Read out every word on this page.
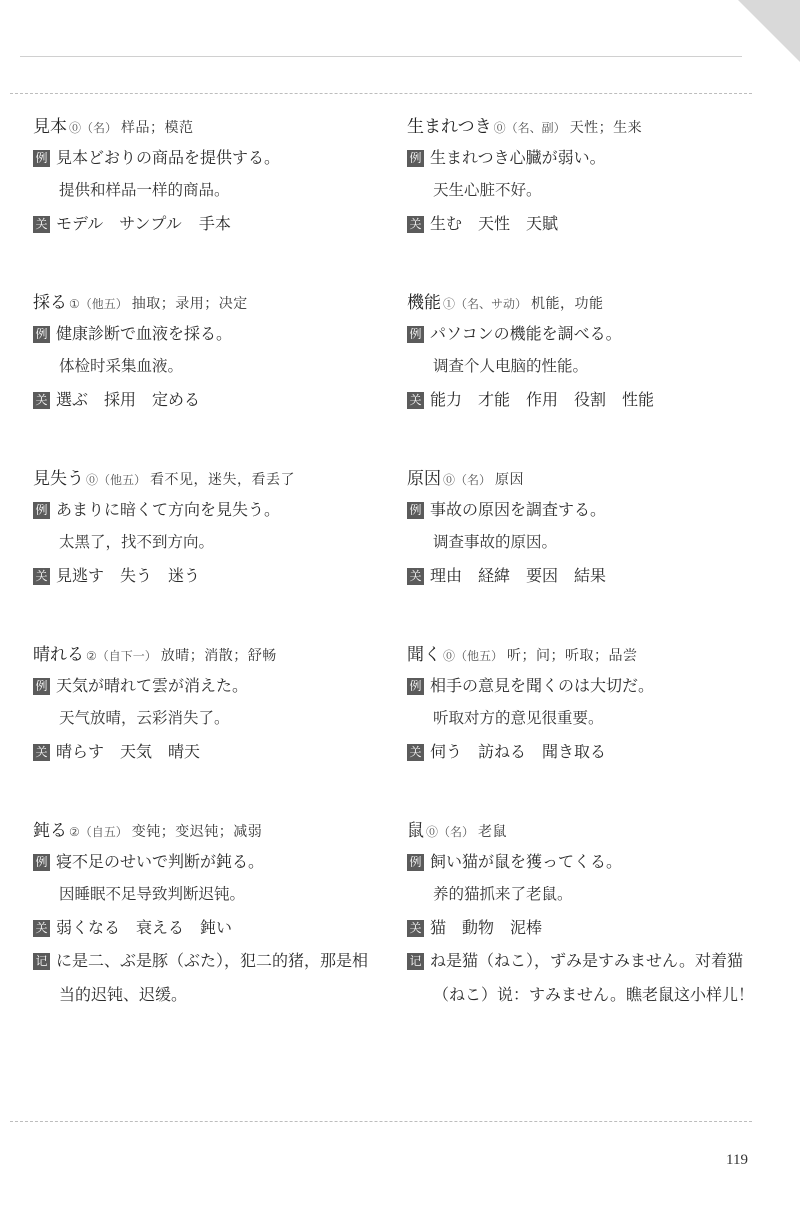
見本 ⓪（名） 样品；模范
例 見本どおりの商品を提供する。
提供和样品一样的商品。
关 モデル　サンプル 手本
採る ①（他五） 抽取；录用；决定
例 健康診断で血液を採る。
体检时采集血液。
关 選ぶ　採用　定める
見失う ⓪（他五） 看不见，迷失，看丢了
例 あまりに暗くて方向を見失う。
太黑了，找不到方向。
关 見逃す　失う　迷う
晴れる ②（自下一） 放晴；消散；舒畅
例 天気が晴れて雲が消えた。
天气放晴，云彩消失了。
关 晴らす　天気　晴天
鈍る ②（自五） 变钝；变迟钝；减弱
例 寝不足のせいで判断が鈍る。
因睡眠不足导致判断迟钝。
关 弱くなる　衰える　鈍い
记 に是二、ぶ是豚（ぶた），犯二的猪，那是相当的迟钝、迟缓。
生まれつき ⓪（名、副） 天性；生来
例 生まれつき心臓が弱い。
天生心脏不好。
关 生む　天性　天賦
機能 ①（名、サ动） 机能，功能
例 パソコンの機能を調べる。
调查个人电脑的性能。
关 能力　才能　作用　役割　性能
原因 ⓪（名） 原因
例 事故の原因を調査する。
调查事故的原因。
关 理由　経緯　要因　結果
聞く ⓪（他五） 听；问；听取；品尝
例 相手の意見を聞くのは大切だ。
听取对方的意见很重要。
关 伺う　訪ねる　聞き取る
鼠 ⓪（名） 老鼠
例 飼い猫が鼠を獲ってくる。
养的猫抓来了老鼠。
关 猫　動物　泥棒
记 ね是猫（ねこ），ずみ是すみません。对着猫（ねこ）说：すみません。瞧老鼠这小样儿！
119
